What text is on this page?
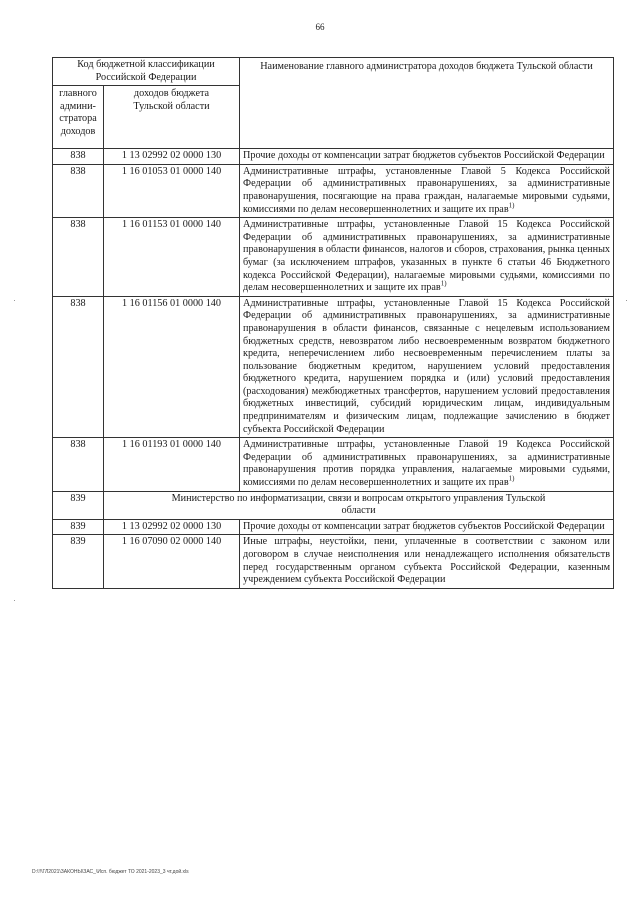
66
Код бюджетной классификации Российской Федерации		Наименование главного администратора доходов бюджета Тульской области
главного админи-стратора доходов	доходов бюджета Тульской области	
838	1 13 02992 02 0000 130	Прочие доходы от компенсации затрат бюджетов субъектов Российской Федерации
838	1 16 01053 01 0000 140	Административные штрафы, установленные Главой 5 Кодекса Российской Федерации об административных правонарушениях, за административные правонарушения, посягающие на права граждан, налагаемые мировыми судьями, комиссиями по делам несовершеннолетних и защите их прав$^{1)}$
838	1 16 01153 01 0000 140	Административные штрафы, установленные Главой 15 Кодекса Российской Федерации об административных правонарушениях, за административные правонарушения в области финансов, налогов и сборов, страхования, рынка ценных бумаг (за исключением штрафов, указанных в пункте 6 статьи 46 Бюджетного кодекса Российской Федерации), налагаемые мировыми судьями, комиссиями по делам несовершеннолетних и защите их прав$^{1)}$
838	1 16 01156 01 0000 140	Административные штрафы, установленные Главой 15 Кодекса Российской Федерации об административных правонарушениях, за административные правонарушения в области финансов, связанные с нецелевым использованием бюджетных средств, невозвратом либо несвоевременным возвратом бюджетного кредита, неперечислением либо несвоевременным перечислением платы за пользование бюджетным кредитом, нарушением условий предоставления бюджетного кредита, нарушением порядка и (или) условий предоставления (расходования) межбюджетных трансфертов, нарушением условий предоставления бюджетных инвестиций, субсидий юридическим лицам, индивидуальным предпринимателям и физическим лицам, подлежащие зачислению в бюджет субъекта Российской Федерации
838	1 16 01193 01 0000 140	Административные штрафы, установленные Главой 19 Кодекса Российской Федерации об административных правонарушениях, за административные правонарушения против порядка управления, налагаемые мировыми судьями, комиссиями по делам несовершеннолетних и защите их прав$^{1)}$
839	Министерство по информатизации, связи и вопросам открытого управления Тульской области	
839	1 13 02992 02 0000 130	Прочие доходы от компенсации затрат бюджетов субъектов Российской Федерации
839	1 16 07090 02 0000 140	Иные штрафы, неустойки, пени, уплаченные в соответствии с законом или договором в случае неисполнения или ненадлежащего исполнения обязательств перед государственным органом субъекта Российской Федерации, казенным учреждением субъекта Российской Федерации
D:\!!\ГЛ2021\ЗАКОНЫ\ЗАС_\Исп. бюджет ТО 2021-2023_3 чт.дой.xls
